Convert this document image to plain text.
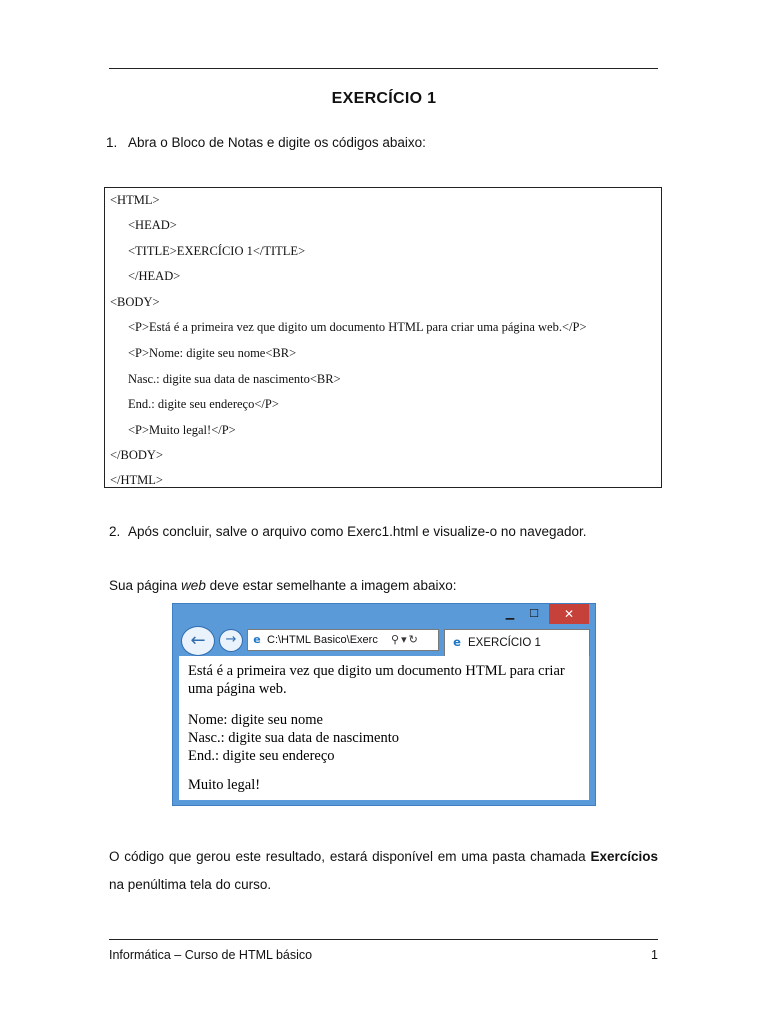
EXERCÍCIO 1
1. Abra o Bloco de Notas e digite os códigos abaixo:
<HTML>
<HEAD>
<TITLE>EXERCÍCIO 1</TITLE>
</HEAD>
<BODY>
<P>Está é a primeira vez que digito um documento HTML para criar uma página web.</P>
<P>Nome: digite seu nome<BR>
Nasc.: digite sua data de nascimento<BR>
End.: digite seu endereço</P>
<P>Muito legal!</P>
</BODY>
</HTML>
2. Após concluir, salve o arquivo como Exerc1.html e visualize-o no navegador.
Sua página web deve estar semelhante a imagem abaixo:
▁	☐	✕
←	→	e C:\HTML Basico\Exerc ⚲ ▾ ↻	e EXERCÍCIO 1

Está é a primeira vez que digito um documento HTML para criar uma página web.

Nome: digite seu nome
Nasc.: digite sua data de nascimento
End.: digite seu endereço

Muito legal!

O código que gerou este resultado, estará disponível em uma pasta chamada Exercícios na penúltima tela do curso.
Informática – Curso de HTML básico	1
